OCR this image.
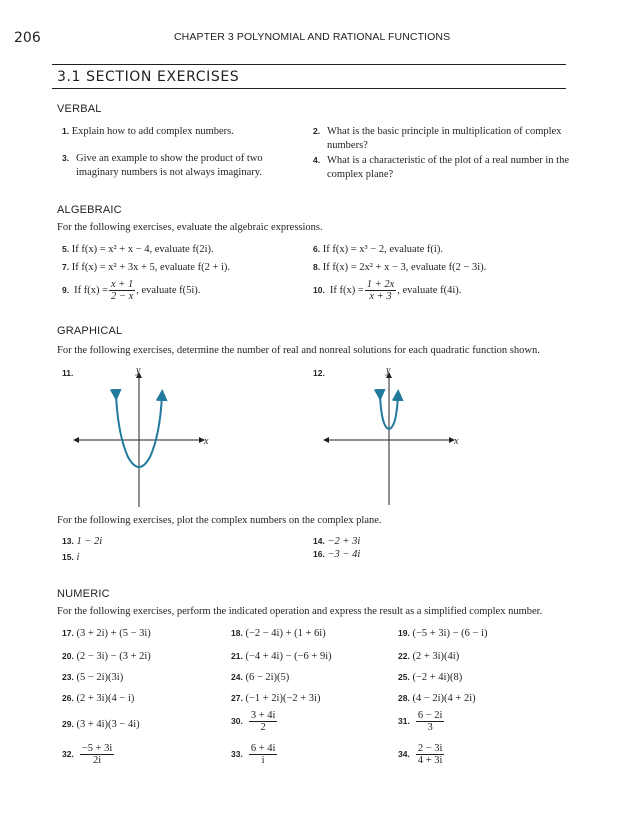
206	CHAPTER 3 POLYNOMIAL AND RATIONAL FUNCTIONS
3.1 SECTION EXERCISES
VERBAL
1. Explain how to add complex numbers.	2. What is the basic principle in multiplication of complex numbers?
3. Give an example to show the product of two imaginary numbers is not always imaginary.
4. What is a characteristic of the plot of a real number in the complex plane?
ALGEBRAIC
For the following exercises, evaluate the algebraic expressions.
5. If f(x) = x² + x − 4, evaluate f(2i).	6. If f(x) = x³ − 2, evaluate f(i).
7. If f(x) = x² + 3x + 5, evaluate f(2 + i).	8. If f(x) = 2x² + x − 3, evaluate f(2 − 3i).
9. If $f(x) = \frac{x + 1}{2 - x}$ , evaluate f(5i).	10. If $f(x) = \frac{1 + 2x}{x + 3}$ , evaluate f(4i).
GRAPHICAL
For the following exercises, determine the number of real and nonreal solutions for each quadratic function shown.
11.	y
x
12.	y
x
For the following exercises, plot the complex numbers on the complex plane.
13. 1 − 2i	14. −2 + 3i
15. i	16. −3 − 4i
NUMERIC
For the following exercises, perform the indicated operation and express the result as a simplified complex number.
17. (3 + 2i) + (5 − 3i)	18. (−2 − 4i) + (1 + 6i)	19. (−5 + 3i) − (6 − i)
20. (2 − 3i) − (3 + 2i)	21. (−4 + 4i) − (−6 + 9i)	22. (2 + 3i)(4i)
23. (5 − 2i)(3i)	24. (6 − 2i)(5)	25. (−2 + 4i)(8)
26. (2 + 3i)(4 − i)	27. (−1 + 2i)(−2 + 3i)	28. (4 − 2i)(4 + 2i)
29. (3 + 4i)(3 − 4i)	30. $\frac{3 + 4i}{2}$	31. $\frac{6 - 2i}{3}$
32. $\frac{-5 + 3i}{2i}$	33. $\frac{6 + 4i}{i}$	34. $\frac{2 - 3i}{4 + 3i}$
